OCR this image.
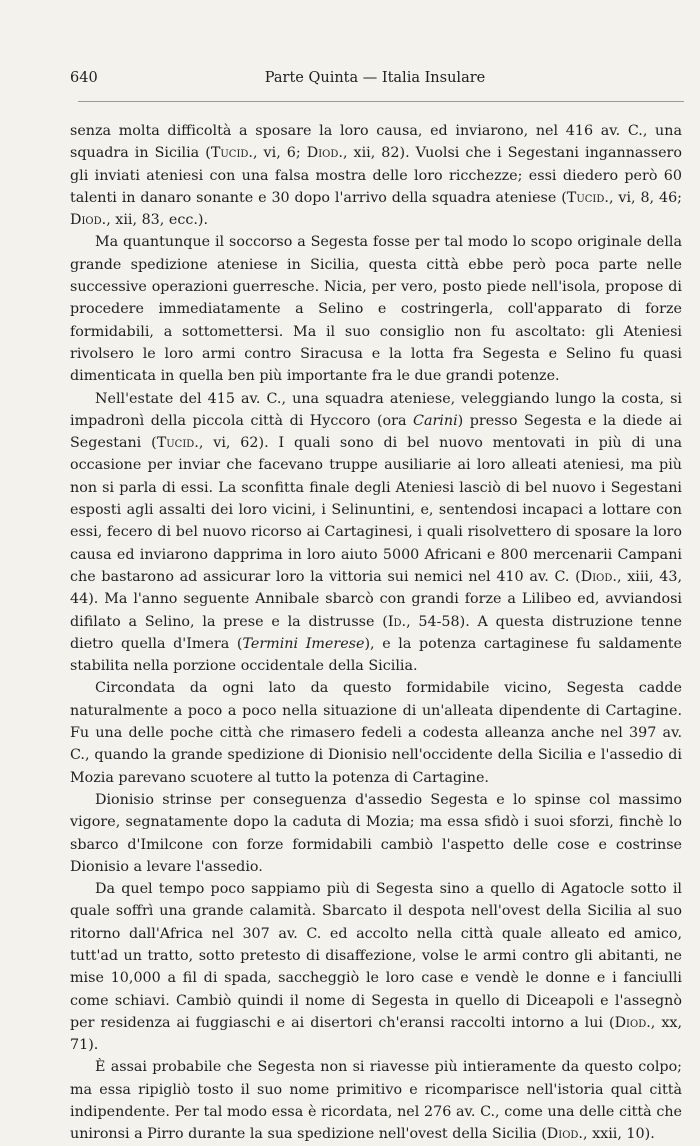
640	Parte Quinta — Italia Insulare

senza molta difficoltà a sposare la loro causa, ed inviarono, nel 416 av. C., una squadra in Sicilia (Tucid., vi, 6; Diod., xii, 82). Vuolsi che i Segestani ingannassero gli inviati ateniesi con una falsa mostra delle loro ricchezze; essi diedero però 60 talenti in danaro sonante e 30 dopo l'arrivo della squadra ateniese (Tucid., vi, 8, 46; Diod., xii, 83, ecc.).

Ma quantunque il soccorso a Segesta fosse per tal modo lo scopo originale della grande spedizione ateniese in Sicilia, questa città ebbe però poca parte nelle successive operazioni guerresche. Nicia, per vero, posto piede nell'isola, propose di procedere immediatamente a Selino e costringerla, coll'apparato di forze formidabili, a sottomettersi. Ma il suo consiglio non fu ascoltato: gli Ateniesi rivolsero le loro armi contro Siracusa e la lotta fra Segesta e Selino fu quasi dimenticata in quella ben più importante fra le due grandi potenze.

Nell'estate del 415 av. C., una squadra ateniese, veleggiando lungo la costa, si impadronì della piccola città di Hyccoro (ora Carini) presso Segesta e la diede ai Segestani (Tucid., vi, 62). I quali sono di bel nuovo mentovati in più di una occasione per inviar che facevano truppe ausiliarie ai loro alleati ateniesi, ma più non si parla di essi. La sconfitta finale degli Ateniesi lasciò di bel nuovo i Segestani esposti agli assalti dei loro vicini, i Selinuntini, e, sentendosi incapaci a lottare con essi, fecero di bel nuovo ricorso ai Cartaginesi, i quali risolvettero di sposare la loro causa ed inviarono dapprima in loro aiuto 5000 Africani e 800 mercenarii Campani che bastarono ad assicurar loro la vittoria sui nemici nel 410 av. C. (Diod., xiii, 43, 44). Ma l'anno seguente Annibale sbarcò con grandi forze a Lilibeo ed, avviandosi difilato a Selino, la prese e la distrusse (Id., 54-58). A questa distruzione tenne dietro quella d'Imera (Termini Imerese), e la potenza cartaginese fu saldamente stabilita nella porzione occidentale della Sicilia.

Circondata da ogni lato da questo formidabile vicino, Segesta cadde naturalmente a poco a poco nella situazione di un'alleata dipendente di Cartagine. Fu una delle poche città che rimasero fedeli a codesta alleanza anche nel 397 av. C., quando la grande spedizione di Dionisio nell'occidente della Sicilia e l'assedio di Mozia parevano scuotere al tutto la potenza di Cartagine.

Dionisio strinse per conseguenza d'assedio Segesta e lo spinse col massimo vigore, segnatamente dopo la caduta di Mozia; ma essa sfidò i suoi sforzi, finchè lo sbarco d'Imilcone con forze formidabili cambiò l'aspetto delle cose e costrinse Dionisio a levare l'assedio.

Da quel tempo poco sappiamo più di Segesta sino a quello di Agatocle sotto il quale soffrì una grande calamità. Sbarcato il despota nell'ovest della Sicilia al suo ritorno dall'Africa nel 307 av. C. ed accolto nella città quale alleato ed amico, tutt'ad un tratto, sotto pretesto di disaffezione, volse le armi contro gli abitanti, ne mise 10,000 a fil di spada, saccheggiò le loro case e vendè le donne e i fanciulli come schiavi. Cambiò quindi il nome di Segesta in quello di Diceapoli e l'assegnò per residenza ai fuggiaschi e ai disertori ch'eransi raccolti intorno a lui (Diod., xx, 71).

È assai probabile che Segesta non si riavesse più intieramente da questo colpo; ma essa ripigliò tosto il suo nome primitivo e ricomparisce nell'istoria qual città indipendente. Per tal modo essa è ricordata, nel 276 av. C., come una delle città che unironsi a Pirro durante la sua spedizione nell'ovest della Sicilia (Diod., xxii, 10).
